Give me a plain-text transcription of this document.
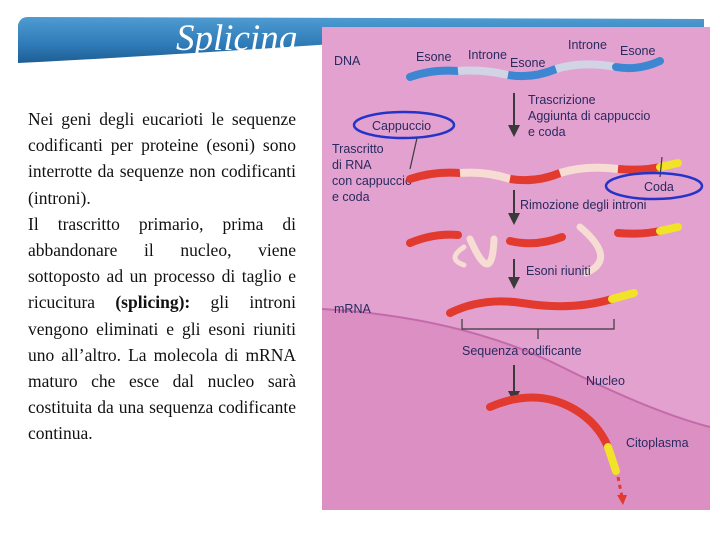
Splicing

Nei geni degli eucarioti le sequenze codificanti per proteine (esoni) sono interrotte da sequenze non codificanti (introni).

Il trascritto primario, prima di abbandonare il nucleo, viene sottoposto ad un processo di taglio e ricucitura (splicing): gli introni vengono eliminati e gli esoni riuniti uno all’altro. La molecola di mRNA maturo che esce dal nucleo sarà costituita da una sequenza codificante continua.

DNA	Esone Introne
Esone
Introne Esone
Trascrizione
Aggiunta di cappuccio
e coda
Cappuccio
Trascritto
di RNA
con cappuccio
e coda
Coda
Rimozione degli introni
Esoni riuniti
mRNA
Sequenza codificante
Nucleo
Citoplasma
